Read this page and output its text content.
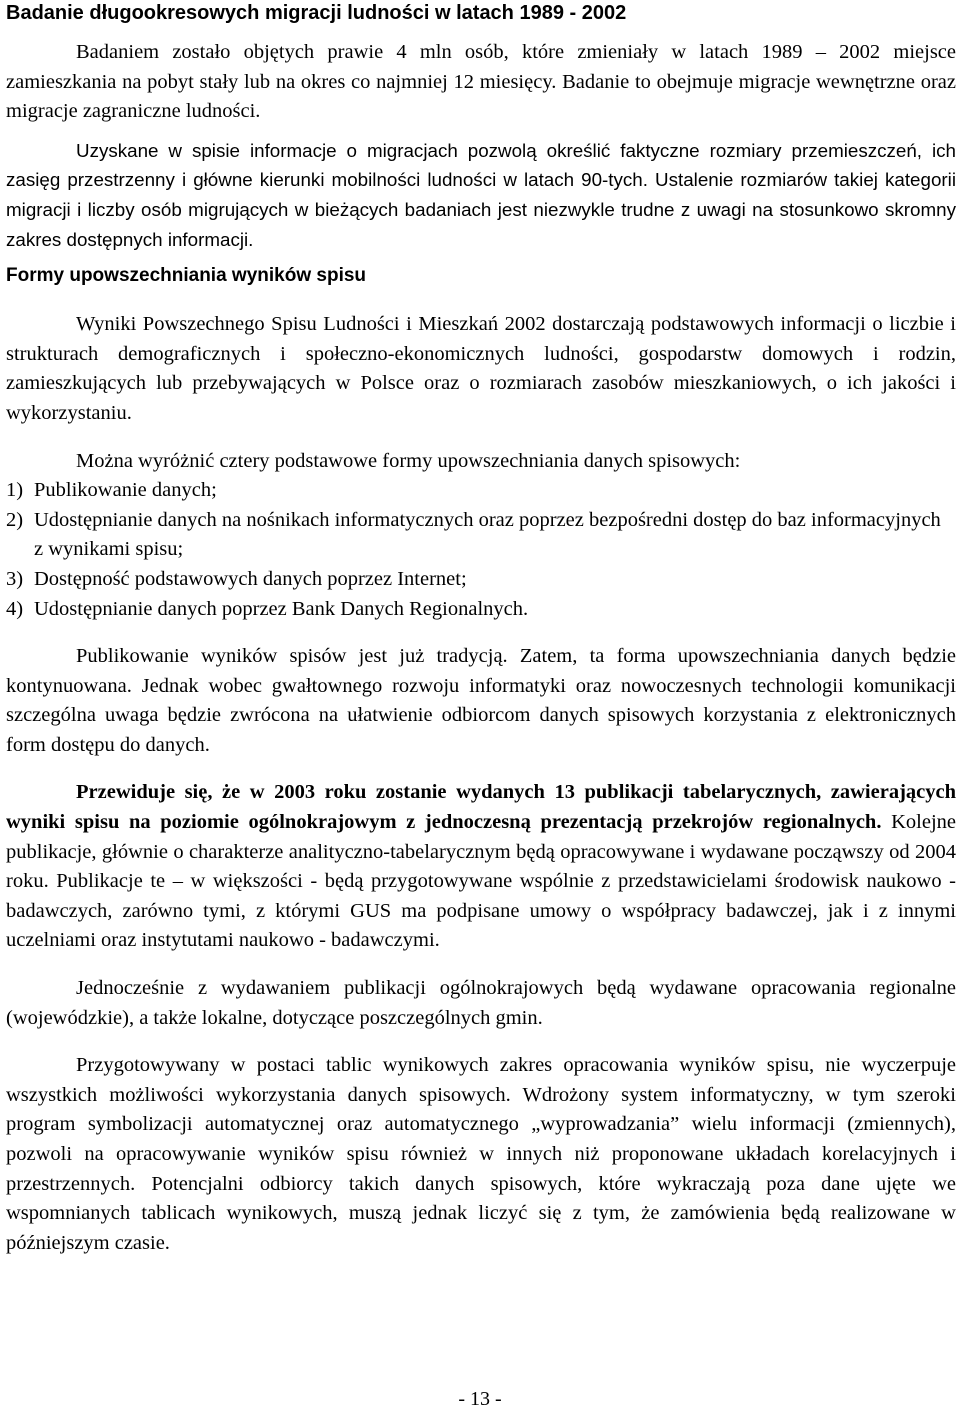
Badanie długookresowych migracji ludności w latach 1989 - 2002

Badaniem zostało objętych prawie 4 mln osób, które zmieniały w latach 1989 – 2002 miejsce zamieszkania na pobyt stały lub na okres co najmniej 12 miesięcy. Badanie to obejmuje migracje wewnętrzne oraz migracje zagraniczne ludności.

Uzyskane w spisie informacje o migracjach pozwolą określić faktyczne rozmiary przemieszczeń, ich zasięg przestrzenny i główne kierunki mobilności ludności w latach 90-tych. Ustalenie rozmiarów takiej kategorii migracji i liczby osób migrujących w bieżących badaniach jest niezwykle trudne z uwagi na stosunkowo skromny zakres dostępnych informacji.

Formy upowszechniania wyników spisu

Wyniki Powszechnego Spisu Ludności i Mieszkań 2002 dostarczają podstawowych informacji o liczbie i strukturach demograficznych i społeczno-ekonomicznych ludności, gospodarstw domowych i rodzin, zamieszkujących lub przebywających w Polsce oraz o rozmiarach zasobów mieszkaniowych, o ich jakości i wykorzystaniu.

Można wyróżnić cztery podstawowe formy upowszechniania danych spisowych:

1) Publikowanie danych;
2) Udostępnianie danych na nośnikach informatycznych oraz poprzez bezpośredni dostęp do baz informacyjnych z wynikami spisu;
3) Dostępność podstawowych danych poprzez Internet;
4) Udostępnianie danych poprzez Bank Danych Regionalnych.

Publikowanie wyników spisów jest już tradycją. Zatem, ta forma upowszechniania danych będzie kontynuowana. Jednak wobec gwałtownego rozwoju informatyki oraz nowoczesnych technologii komunikacji szczególna uwaga będzie zwrócona na ułatwienie odbiorcom danych spisowych korzystania z elektronicznych form dostępu do danych.

Przewiduje się, że w 2003 roku zostanie wydanych 13 publikacji tabelarycznych, zawierających wyniki spisu na poziomie ogólnokrajowym z jednoczesną prezentacją przekrojów regionalnych. Kolejne publikacje, głównie o charakterze analityczno-tabelarycznym będą opracowywane i wydawane począwszy od 2004 roku. Publikacje te – w większości - będą przygotowywane wspólnie z przedstawicielami środowisk naukowo - badawczych, zarówno tymi, z którymi GUS ma podpisane umowy o współpracy badawczej, jak i z innymi uczelniami oraz instytutami naukowo - badawczymi.

Jednocześnie z wydawaniem publikacji ogólnokrajowych będą wydawane opracowania regionalne (wojewódzkie), a także lokalne, dotyczące poszczególnych gmin.

Przygotowywany w postaci tablic wynikowych zakres opracowania wyników spisu, nie wyczerpuje wszystkich możliwości wykorzystania danych spisowych. Wdrożony system informatyczny, w tym szeroki program symbolizacji automatycznej oraz automatycznego „wyprowadzania” wielu informacji (zmiennych), pozwoli na opracowywanie wyników spisu również w innych niż proponowane układach korelacyjnych i przestrzennych. Potencjalni odbiorcy takich danych spisowych, które wykraczają poza dane ujęte we wspomnianych tablicach wynikowych, muszą jednak liczyć się z tym, że zamówienia będą realizowane w późniejszym czasie.

- 13 -
